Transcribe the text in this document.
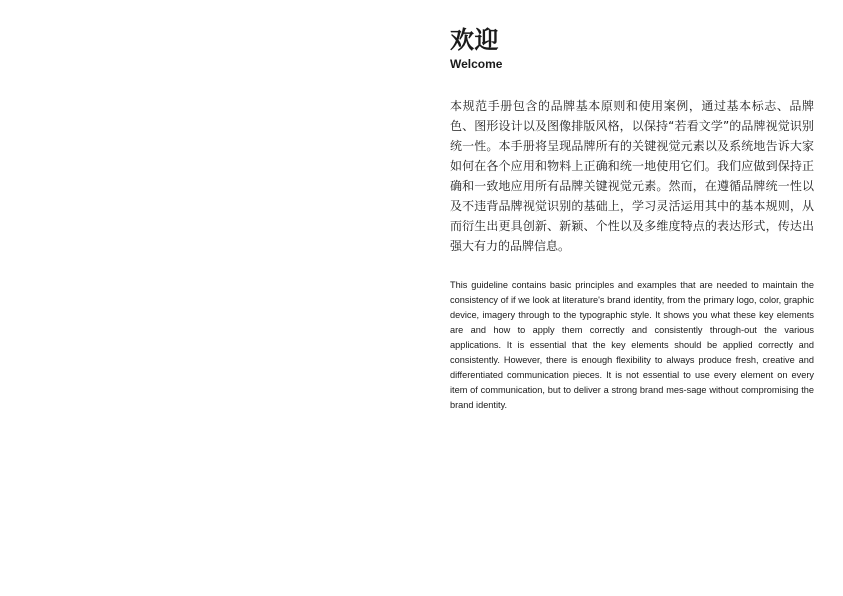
欢迎
Welcome

本规范手册包含的品牌基本原则和使用案例，通过基本标志、品牌色、图形设计以及图像排版风格，以保持“若看文学”的品牌视觉识别统一性。本手册将呈现品牌所有的关键视觉元素以及系统地告诉大家如何在各个应用和物料上正确和统一地使用它们。我们应做到保持正确和一致地应用所有品牌关键视觉元素。然而，在遵循品牌统一性以及不违背品牌视觉识别的基础上，学习灵活运用其中的基本规则，从而衍生出更具创新、新颖、个性以及多维度特点的表达形式，传达出强大有力的品牌信息。

This guideline contains basic principles and examples that are needed to maintain the consistency of if we look at literature's brand identity, from the primary logo, color, graphic device, imagery through to the typographic style. It shows you what these key elements are and how to apply them correctly and consistently through-out the various applications. It is essential that the key elements should be applied correctly and consistently. However, there is enough flexibility to always produce fresh, creative and differentiated communication pieces. It is not essential to use every element on every item of communication, but to deliver a strong brand mes-sage without compromising the brand identity.
